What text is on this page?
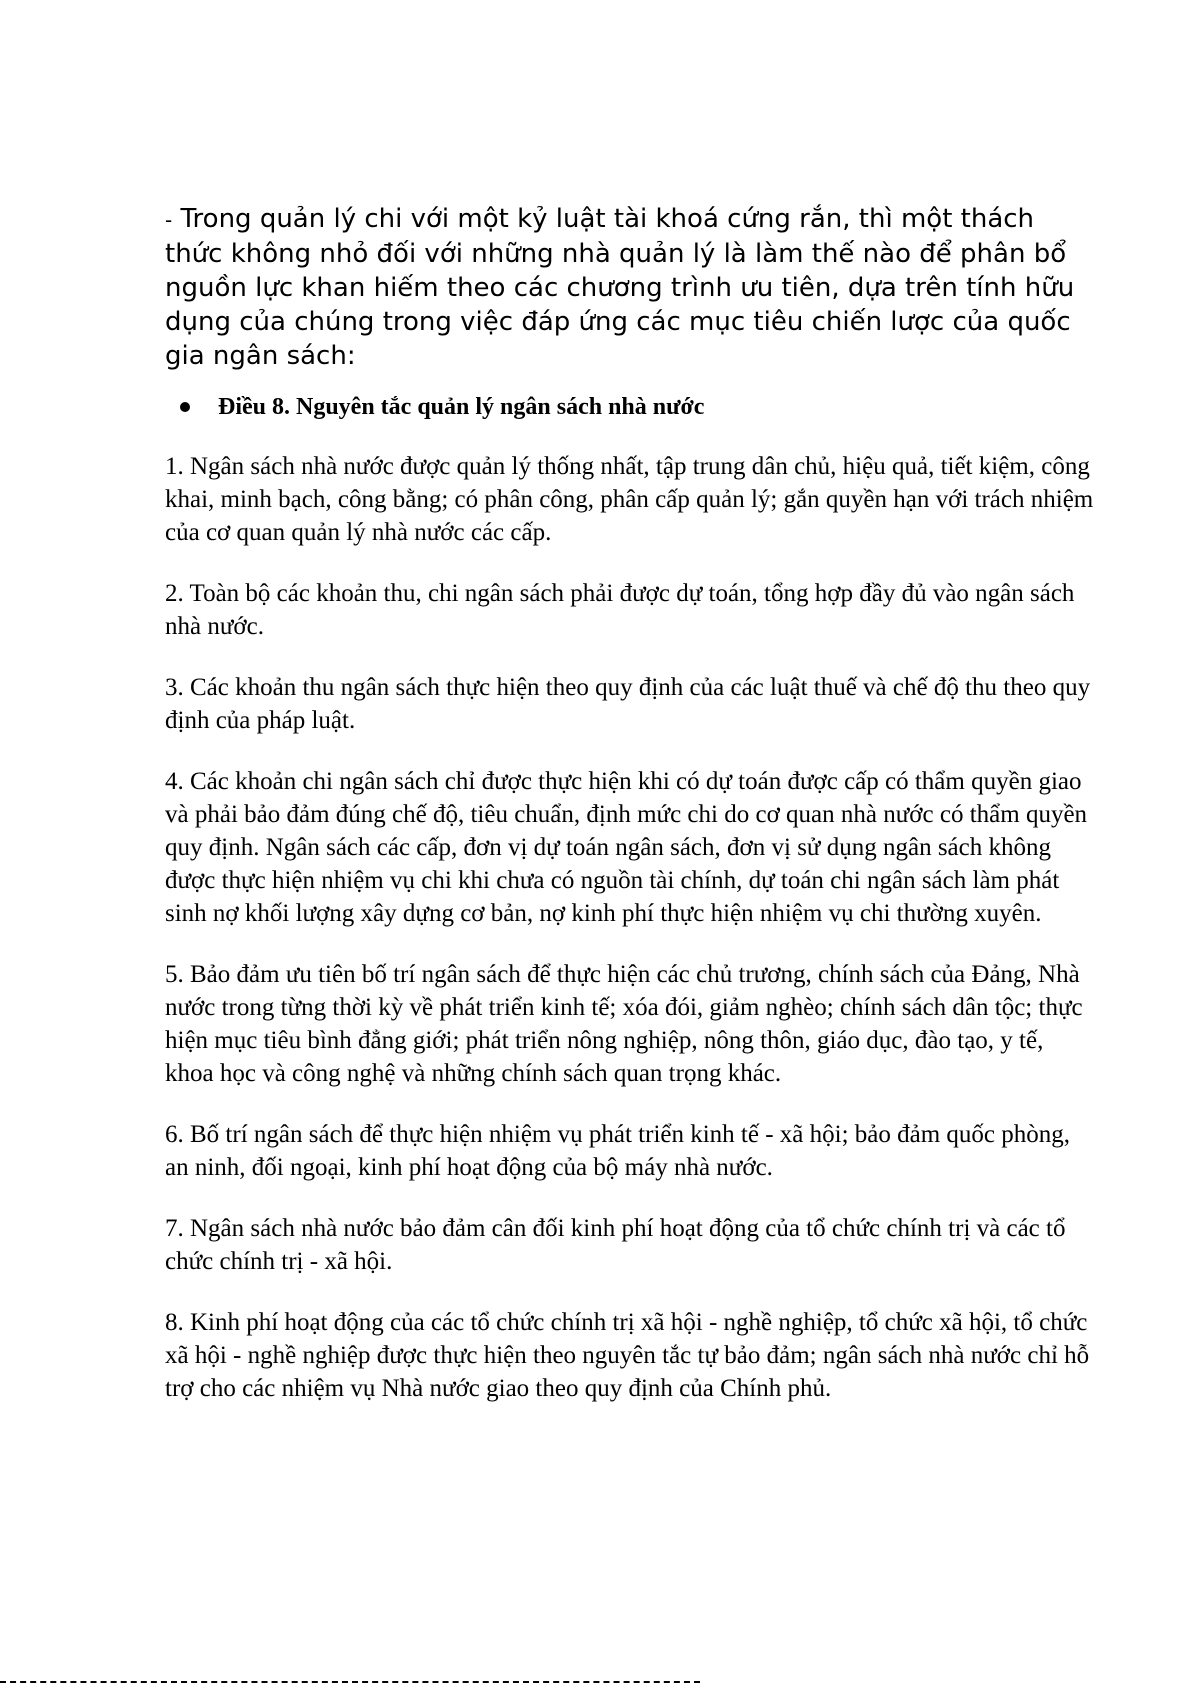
- Trong quản lý chi với một kỷ luật tài khoá cứng rắn, thì một thách thức không nhỏ đối với những nhà quản lý là làm thế nào để phân bổ nguồn lực khan hiếm theo các chương trình ưu tiên, dựa trên tính hữu dụng của chúng trong việc đáp ứng các mục tiêu chiến lược của quốc gia ngân sách:

Điều 8. Nguyên tắc quản lý ngân sách nhà nước

1. Ngân sách nhà nước được quản lý thống nhất, tập trung dân chủ, hiệu quả, tiết kiệm, công khai, minh bạch, công bằng; có phân công, phân cấp quản lý; gắn quyền hạn với trách nhiệm của cơ quan quản lý nhà nước các cấp.

2. Toàn bộ các khoản thu, chi ngân sách phải được dự toán, tổng hợp đầy đủ vào ngân sách nhà nước.

3. Các khoản thu ngân sách thực hiện theo quy định của các luật thuế và chế độ thu theo quy định của pháp luật.

4. Các khoản chi ngân sách chỉ được thực hiện khi có dự toán được cấp có thẩm quyền giao và phải bảo đảm đúng chế độ, tiêu chuẩn, định mức chi do cơ quan nhà nước có thẩm quyền quy định. Ngân sách các cấp, đơn vị dự toán ngân sách, đơn vị sử dụng ngân sách không được thực hiện nhiệm vụ chi khi chưa có nguồn tài chính, dự toán chi ngân sách làm phát sinh nợ khối lượng xây dựng cơ bản, nợ kinh phí thực hiện nhiệm vụ chi thường xuyên.

5. Bảo đảm ưu tiên bố trí ngân sách để thực hiện các chủ trương, chính sách của Đảng, Nhà nước trong từng thời kỳ về phát triển kinh tế; xóa đói, giảm nghèo; chính sách dân tộc; thực hiện mục tiêu bình đẳng giới; phát triển nông nghiệp, nông thôn, giáo dục, đào tạo, y tế, khoa học và công nghệ và những chính sách quan trọng khác.

6. Bố trí ngân sách để thực hiện nhiệm vụ phát triển kinh tế - xã hội; bảo đảm quốc phòng, an ninh, đối ngoại, kinh phí hoạt động của bộ máy nhà nước.

7. Ngân sách nhà nước bảo đảm cân đối kinh phí hoạt động của tổ chức chính trị và các tổ chức chính trị - xã hội.

8. Kinh phí hoạt động của các tổ chức chính trị xã hội - nghề nghiệp, tổ chức xã hội, tổ chức xã hội - nghề nghiệp được thực hiện theo nguyên tắc tự bảo đảm; ngân sách nhà nước chỉ hỗ trợ cho các nhiệm vụ Nhà nước giao theo quy định của Chính phủ.
